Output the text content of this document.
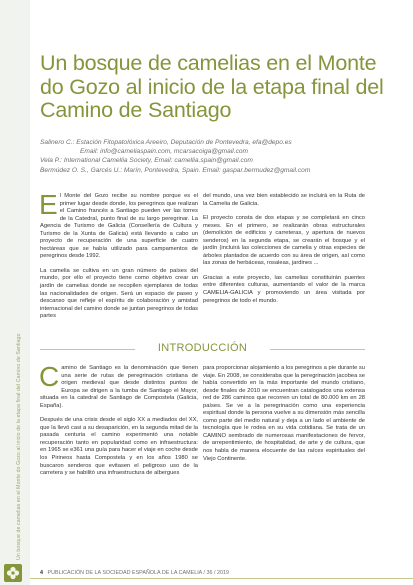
Un bosque de camelias en el Monte do Gozo al inicio de la etapa final del Camino de Santiago
Un bosque de camelias en el Monte do Gozo al inicio de la etapa final del Camino de Santiago
Salinero C.: Estación Fitopatolóxica Areeiro, Deputación de Pontevedra, efa@depo.es
Email: info@cameliaspain.com, mcarsacoiga@gmail.com
Vela P.: International Camellia Society, Email: camellia.spain@gmail.com
Bermúdez O. S., Garcés U.: Marín, Pontevedra, Spain. Email: gaspar.bermudez@gmail.com

El Monte del Gozo recibe su nombre porque es el primer lugar desde donde, los peregrinos que realizan el Camino francés a Santiago pueden ver las torres de la Catedral, punto final de su largo peregrinar. La Agencia de Turismo de Galicia (Consellería de Cultura y Turismo de la Xunta de Galicia) está llevando a cabo un proyecto de recuperación de una superficie de cuatro hectáreas que se había utilizado para campamentos de peregrinos desde 1992.

La camelia se cultiva en un gran número de países del mundo, por ello el proyecto tiene como objetivo crear un jardín de camelias donde se recopilen ejemplares de todas las nacionalidades de origen. Será un espacio de paseo y descanso que refleje el espíritu de colaboración y amistad internacional del camino donde se juntan peregrinos de todas partes

del mundo, una vez bien establecido se incluirá en la Ruta de la Camelia de Galicia.

El proyecto consta de dos etapas y se completará en cinco meses. En el primero, se realizarán obras estructurales (demolición de edificios y carreteras, y apertura de nuevos senderos) en la segunda etapa, se crearán el bosque y el jardín (incluirá las colecciones de camelia y otras especies de árboles plantados de acuerdo con su área de origen, así como las zonas de herbáceas, rosaleas, jardines ...

Gracias a este proyecto, las camelias constituirán puentes entre diferentes culturas, aumentando el valor de la marca CAMELIA-GALICIA y promoviendo un área visitada por peregrinos de todo el mundo.

INTRODUCCIÓN

Camino de Santiago es la denominación que tienen una serie de rutas de peregrinación cristiana de origen medieval que desde distintos puntos de Europa se dirigen a la tumba de Santiago el Mayor, situada en la catedral de Santiago de Compostela (Galicia, España).

Después de una crisis desde el siglo XX a mediados del XX, que la llevó casi a su desaparición, en la segunda mitad de la pasada centuria el camino experimentó una notable recuperación tanto en popularidad como en infraestructura: en 1965 se e361 una guía para hacer el viaje en coche desde los Pirineos hasta Compostela y en los años 1980 se buscaron senderos que evitasen el peligroso uso de la carretera y se habilitó una infraestructura de albergues

para proporcionar alojamiento a los peregrinos a pie durante su viaje. En 2008, se consideraba que la peregrinación jacobea se había convertido en la más importante del mundo cristiano, desde finales de 2010 se encuentran catalogados una extensa red de 286 caminos que recorren un total de 80.000 km en 28 países. Se ve a la peregrinación como una experiencia espiritual donde la persona vuelve a su dimensión más sencilla como parte del medio natural y deja a un lado el ambiente de tecnología que le rodea en su vida cotidiana. Se trata de un CAMINO sembrado de numerosas manifestaciones de fervor, de arrepentimiento, de hospitalidad, de arte y de cultura, que nos habla de manera elocuente de las raíces espirituales del Viejo Continente.

4 PUBLICACIÓN DE LA SOCIEDAD ESPAÑOLA DE LA CAMELIA / 36 / 2019
